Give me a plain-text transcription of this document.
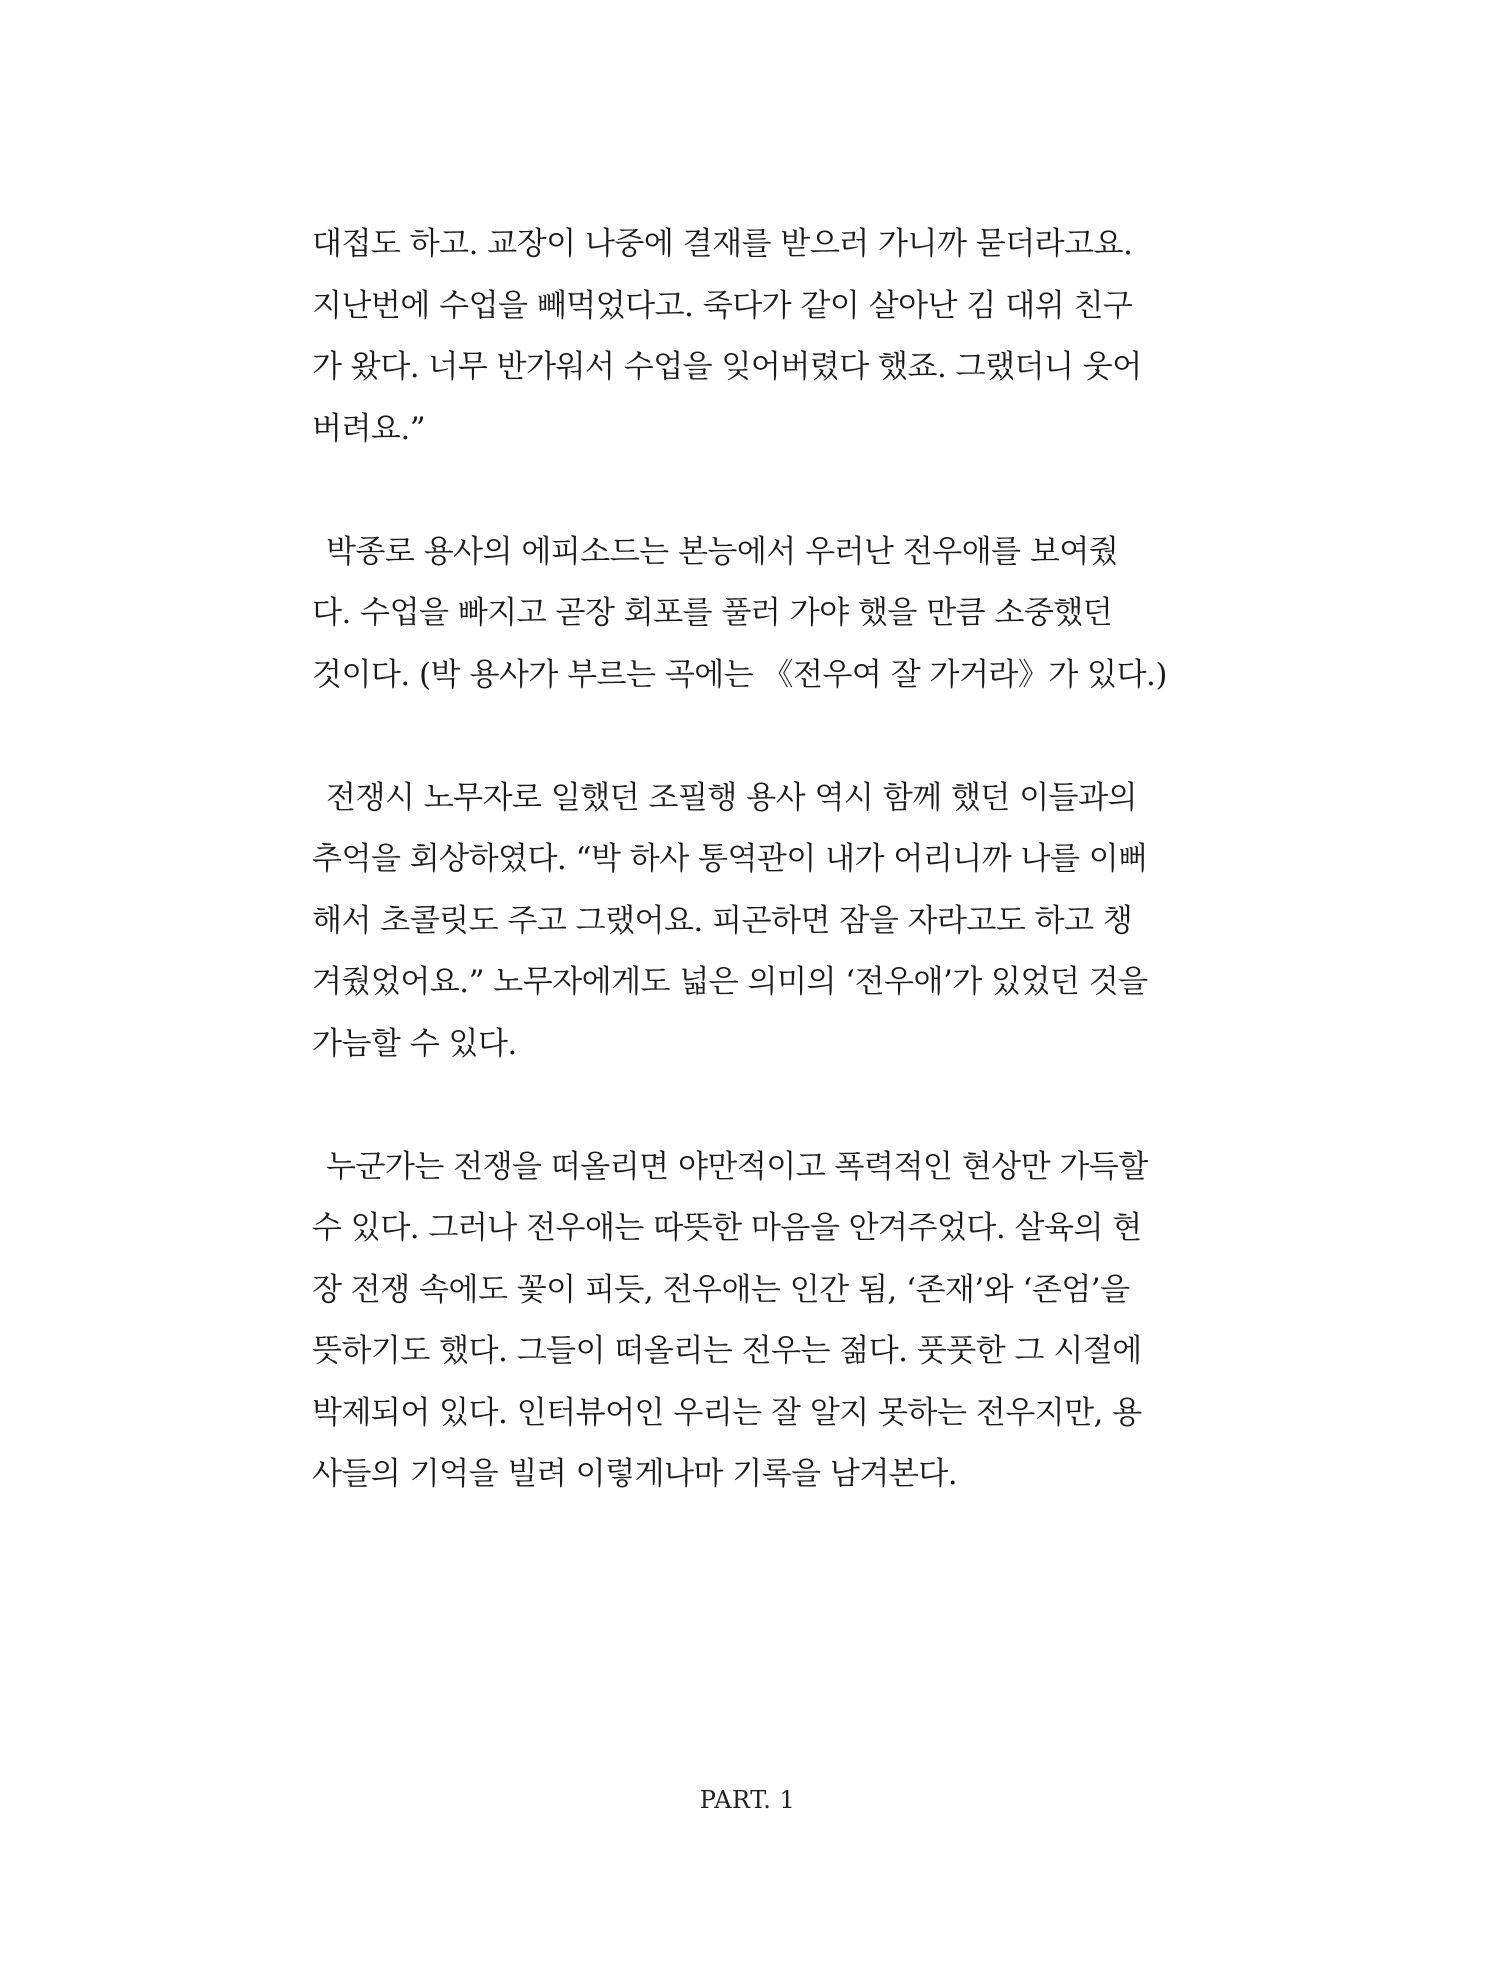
대접도 하고. 교장이 나중에 결재를 받으러 가니까 묻더라고요.
지난번에 수업을 빼먹었다고. 죽다가 같이 살아난 김 대위 친구
가 왔다. 너무 반가워서 수업을 잊어버렸다 했죠. 그랬더니 웃어
버려요.”
박종로 용사의 에피소드는 본능에서 우러난 전우애를 보여줬
다. 수업을 빠지고 곧장 회포를 풀러 가야 했을 만큼 소중했던
것이다. (박 용사가 부르는 곡에는 《전우여 잘 가거라》가 있다.)
전쟁시 노무자로 일했던 조필행 용사 역시 함께 했던 이들과의
추억을 회상하였다. “박 하사 통역관이 내가 어리니까 나를 이뻐
해서 초콜릿도 주고 그랬어요. 피곤하면 잠을 자라고도 하고 챙
겨줬었어요.” 노무자에게도 넓은 의미의 ‘전우애’가 있었던 것을
가늠할 수 있다.
누군가는 전쟁을 떠올리면 야만적이고 폭력적인 현상만 가득할
수 있다. 그러나 전우애는 따뜻한 마음을 안겨주었다. 살육의 현
장 전쟁 속에도 꽃이 피듯, 전우애는 인간 됨, ‘존재’와 ‘존엄’을
뜻하기도 했다. 그들이 떠올리는 전우는 젊다. 풋풋한 그 시절에
박제되어 있다. 인터뷰어인 우리는 잘 알지 못하는 전우지만, 용
사들의 기억을 빌려 이렇게나마 기록을 남겨본다.
PART. 1
